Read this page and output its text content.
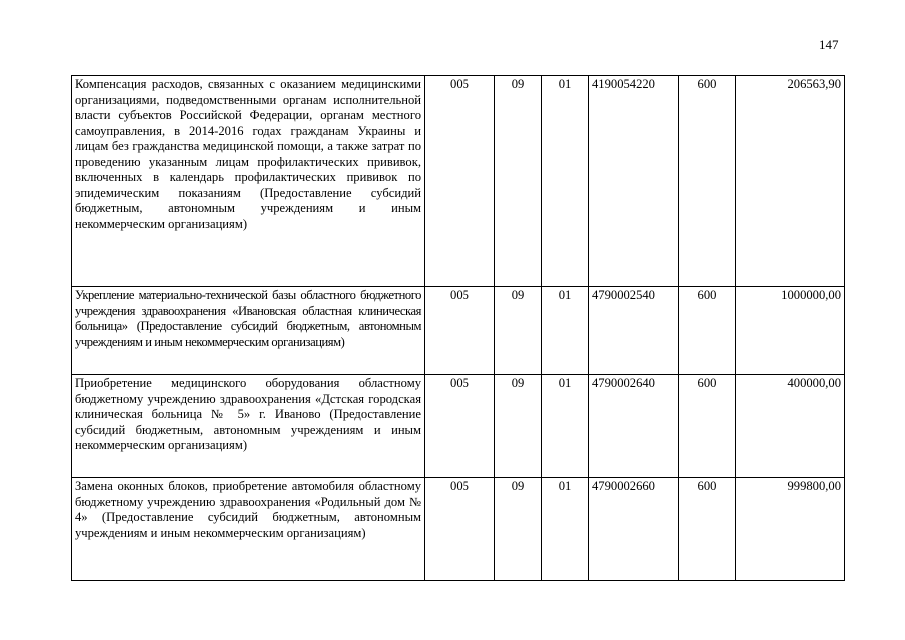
147
Компенсация расходов, связанных с оказанием медицинскими организациями, подведомственными органам исполнительной власти субъектов Российской Федерации, органам местного самоуправления, в 2014-2016 годах гражданам Украины и лицам без гражданства медицинской помощи, а также затрат по проведению указанным лицам профилактических прививок, включенных в календарь профилактических прививок по эпидемическим показаниям (Предоставление субсидий бюджетным, автономным учреждениям и иным некоммерческим организациям)	005	09	01	4190054220	600	206563,90
Укрепление материально-технической базы областного бюджетного учреждения здравоохранения «Ивановская областная клиническая больница» (Предоставление субсидий бюджетным, автономным учреждениям и иным некоммерческим организациям)	005	09	01	4790002540	600	1000000,00
Приобретение медицинского оборудования областному бюджетному учреждению здравоохранения «Дстская городская клиническая больница № 5» г. Иваново (Предоставление субсидий бюджетным, автономным учреждениям и иным некоммерческим организациям)	005	09	01	4790002640	600	400000,00
Замена оконных блоков, приобретение автомобиля областному бюджетному учреждению здравоохранения «Родильный дом № 4» (Предоставление субсидий бюджетным, автономным учреждениям и иным некоммерческим организациям)	005	09	01	4790002660	600	999800,00
